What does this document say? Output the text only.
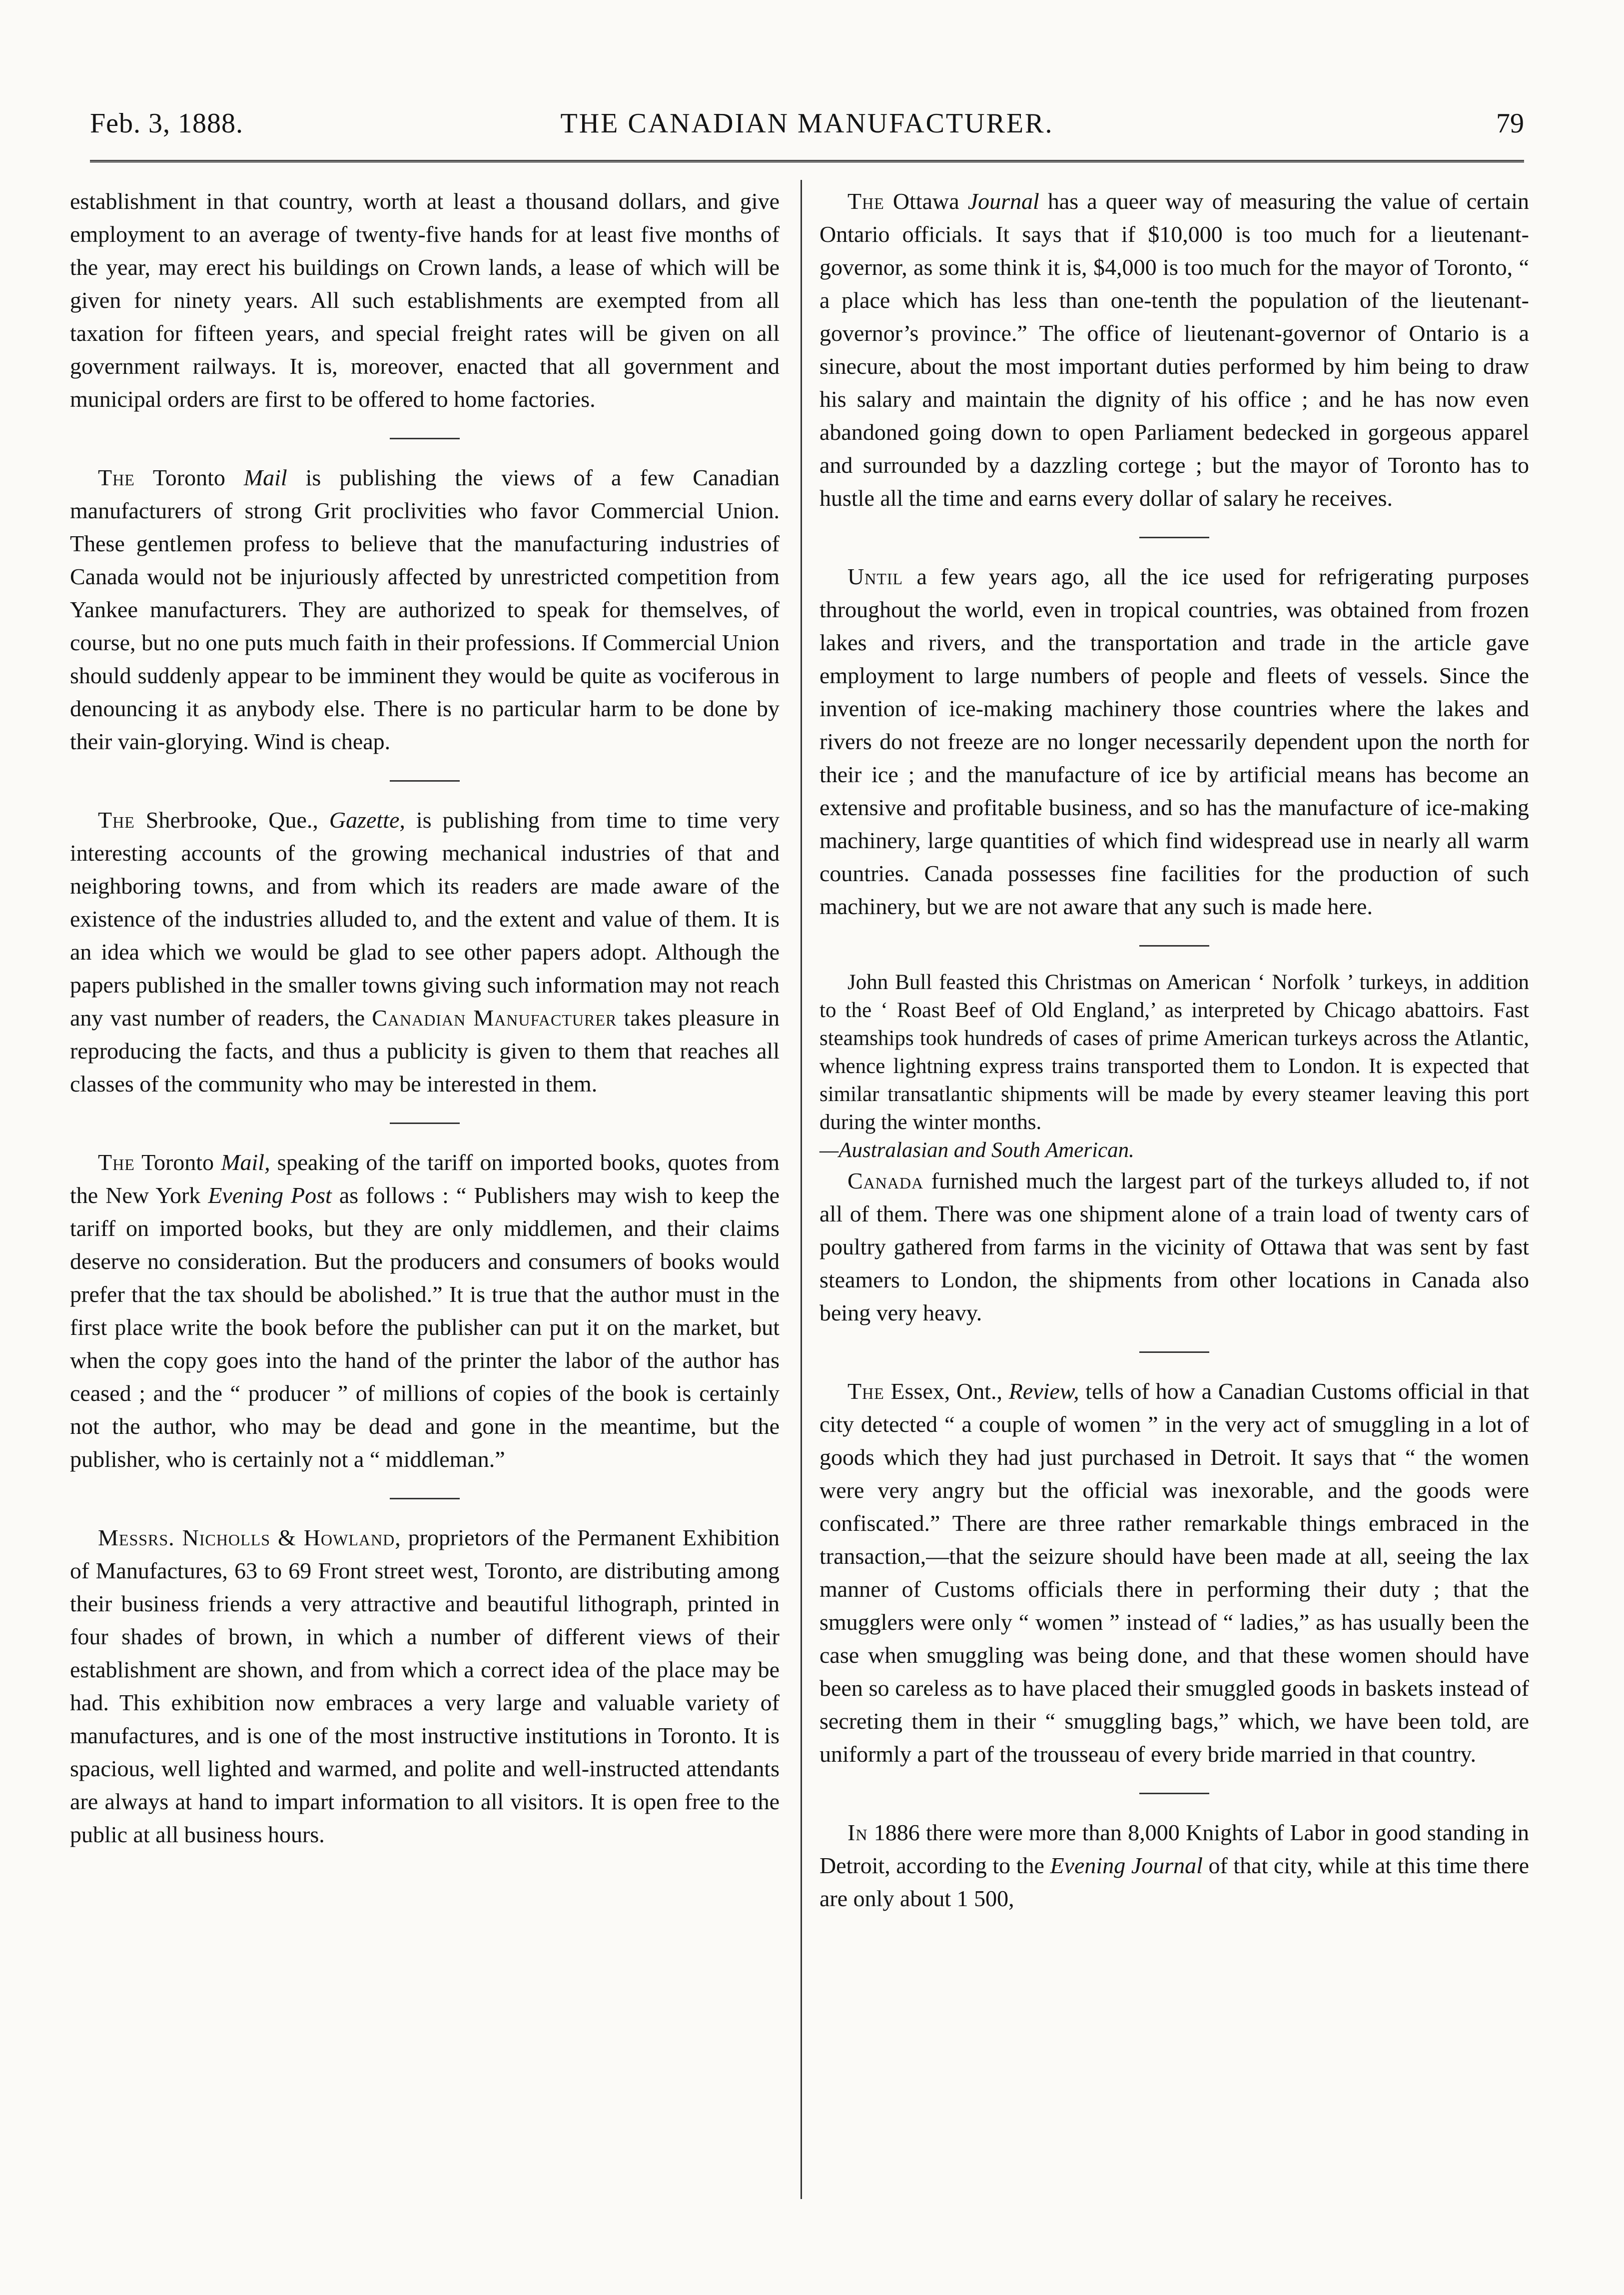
Feb. 3, 1888.	THE CANADIAN MANUFACTURER.	79

establishment in that country, worth at least a thousand dollars, and give employment to an average of twenty-five hands for at least five months of the year, may erect his buildings on Crown lands, a lease of which will be given for ninety years. All such establishments are exempted from all taxation for fifteen years, and special freight rates will be given on all government railways. It is, moreover, enacted that all government and municipal orders are first to be offered to home factories.

The Toronto Mail is publishing the views of a few Canadian manufacturers of strong Grit proclivities who favor Commercial Union. These gentlemen profess to believe that the manufacturing industries of Canada would not be injuriously affected by unrestricted competition from Yankee manufacturers. They are authorized to speak for themselves, of course, but no one puts much faith in their professions. If Commercial Union should suddenly appear to be imminent they would be quite as vociferous in denouncing it as anybody else. There is no particular harm to be done by their vain-glorying. Wind is cheap.

The Sherbrooke, Que., Gazette, is publishing from time to time very interesting accounts of the growing mechanical industries of that and neighboring towns, and from which its readers are made aware of the existence of the industries alluded to, and the extent and value of them. It is an idea which we would be glad to see other papers adopt. Although the papers published in the smaller towns giving such information may not reach any vast number of readers, the Canadian Manufacturer takes pleasure in reproducing the facts, and thus a publicity is given to them that reaches all classes of the community who may be interested in them.

The Toronto Mail, speaking of the tariff on imported books, quotes from the New York Evening Post as follows : “ Publishers may wish to keep the tariff on imported books, but they are only middlemen, and their claims deserve no consideration. But the producers and consumers of books would prefer that the tax should be abolished.” It is true that the author must in the first place write the book before the publisher can put it on the market, but when the copy goes into the hand of the printer the labor of the author has ceased ; and the “ producer ” of millions of copies of the book is certainly not the author, who may be dead and gone in the meantime, but the publisher, who is certainly not a “ middleman.”

Messrs. Nicholls & Howland, proprietors of the Permanent Exhibition of Manufactures, 63 to 69 Front street west, Toronto, are distributing among their business friends a very attractive and beautiful lithograph, printed in four shades of brown, in which a number of different views of their establishment are shown, and from which a correct idea of the place may be had. This exhibition now embraces a very large and valuable variety of manufactures, and is one of the most instructive institutions in Toronto. It is spacious, well lighted and warmed, and polite and well-instructed attendants are always at hand to impart information to all visitors. It is open free to the public at all business hours.

The Ottawa Journal has a queer way of measuring the value of certain Ontario officials. It says that if $10,000 is too much for a lieutenant-governor, as some think it is, $4,000 is too much for the mayor of Toronto, “ a place which has less than one-tenth the population of the lieutenant-governor’s province.” The office of lieutenant-governor of Ontario is a sinecure, about the most important duties performed by him being to draw his salary and maintain the dignity of his office ; and he has now even abandoned going down to open Parliament bedecked in gorgeous apparel and surrounded by a dazzling cortege ; but the mayor of Toronto has to hustle all the time and earns every dollar of salary he receives.

Until a few years ago, all the ice used for refrigerating purposes throughout the world, even in tropical countries, was obtained from frozen lakes and rivers, and the transportation and trade in the article gave employment to large numbers of people and fleets of vessels. Since the invention of ice-making machinery those countries where the lakes and rivers do not freeze are no longer necessarily dependent upon the north for their ice ; and the manufacture of ice by artificial means has become an extensive and profitable business, and so has the manufacture of ice-making machinery, large quantities of which find widespread use in nearly all warm countries. Canada possesses fine facilities for the production of such machinery, but we are not aware that any such is made here.

John Bull feasted this Christmas on American ‘ Norfolk ’ turkeys, in addition to the ‘ Roast Beef of Old England,’ as interpreted by Chicago abattoirs. Fast steamships took hundreds of cases of prime American turkeys across the Atlantic, whence lightning express trains transported them to London. It is expected that similar transatlantic shipments will be made by every steamer leaving this port during the winter months.

—Australasian and South American.

Canada furnished much the largest part of the turkeys alluded to, if not all of them. There was one shipment alone of a train load of twenty cars of poultry gathered from farms in the vicinity of Ottawa that was sent by fast steamers to London, the shipments from other locations in Canada also being very heavy.

The Essex, Ont., Review, tells of how a Canadian Customs official in that city detected “ a couple of women ” in the very act of smuggling in a lot of goods which they had just purchased in Detroit. It says that “ the women were very angry but the official was inexorable, and the goods were confiscated.” There are three rather remarkable things embraced in the transaction,—that the seizure should have been made at all, seeing the lax manner of Customs officials there in performing their duty ; that the smugglers were only “ women ” instead of “ ladies,” as has usually been the case when smuggling was being done, and that these women should have been so careless as to have placed their smuggled goods in baskets instead of secreting them in their “ smuggling bags,” which, we have been told, are uniformly a part of the trousseau of every bride married in that country.

In 1886 there were more than 8,000 Knights of Labor in good standing in Detroit, according to the Evening Journal of that city, while at this time there are only about 1 500,
